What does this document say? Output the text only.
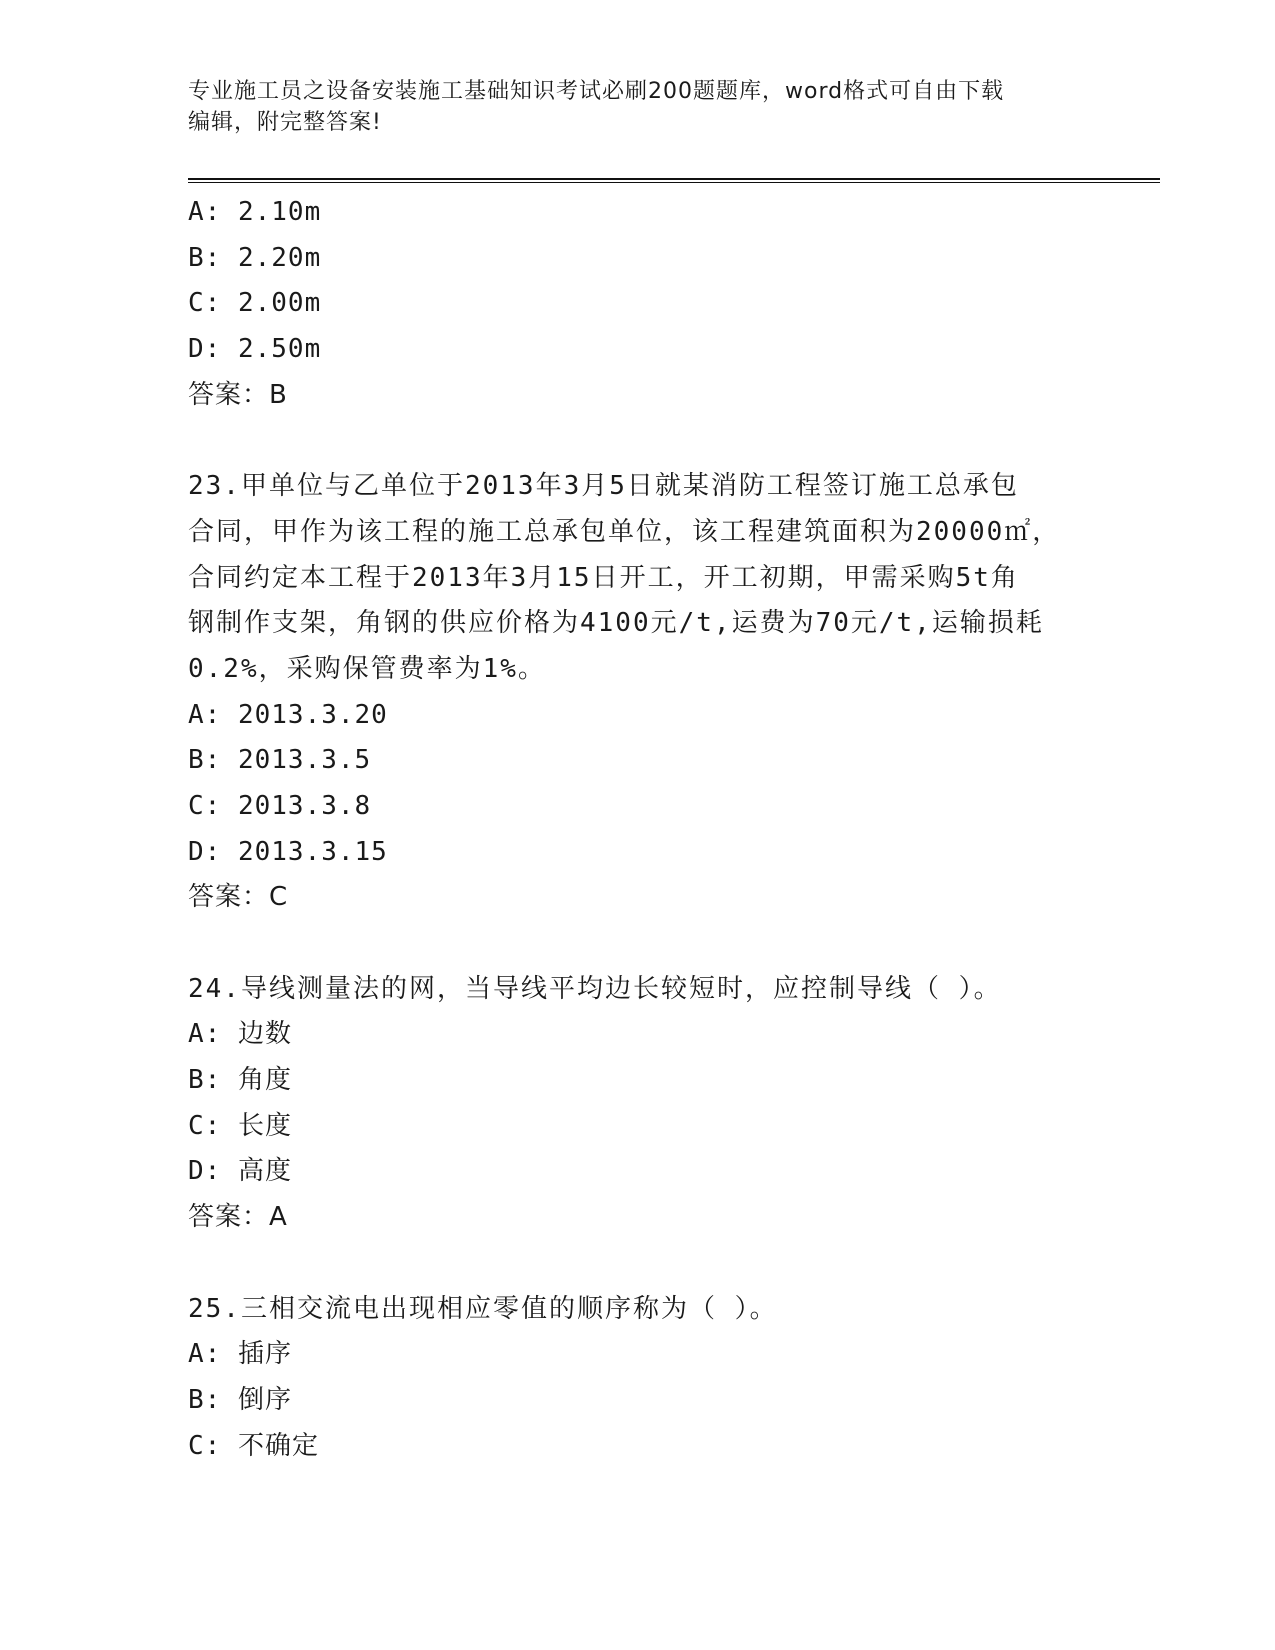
专业施工员之设备安装施工基础知识考试必刷200题题库，word格式可自由下载
编辑，附完整答案!
A: 2.10m
B: 2.20m
C: 2.00m
D: 2.50m
答案：B
23.甲单位与乙单位于2013年3月5日就某消防工程签订施工总承包
合同，甲作为该工程的施工总承包单位，该工程建筑面积为20000㎡，
合同约定本工程于2013年3月15日开工，开工初期，甲需采购5t角
钢制作支架，角钢的供应价格为4100元/t,运费为70元/t,运输损耗
0.2%，采购保管费率为1%。
A: 2013.3.20
B: 2013.3.5
C: 2013.3.8
D: 2013.3.15
答案：C
24.导线测量法的网，当导线平均边长较短时，应控制导线（ ）。
A: 边数
B: 角度
C: 长度
D: 高度
答案：A
25.三相交流电出现相应零值的顺序称为（ ）。
A: 插序
B: 倒序
C: 不确定
